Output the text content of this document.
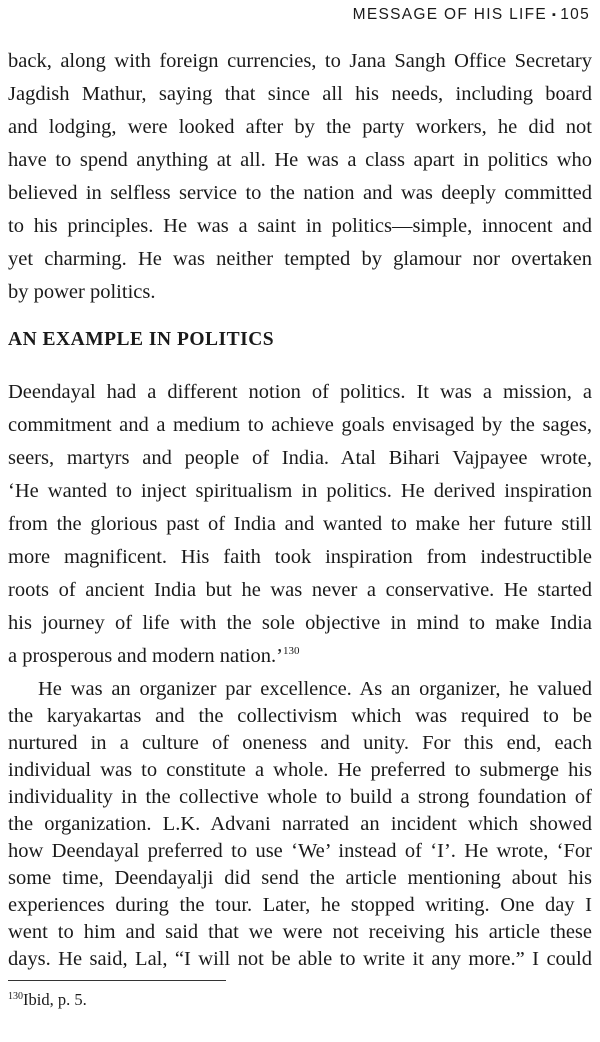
MESSAGE OF HIS LIFE ▪ 105
back, along with foreign currencies, to Jana Sangh Office Secretary
Jagdish Mathur, saying that since all his needs, including board
and lodging, were looked after by the party workers, he did not
have to spend anything at all. He was a class apart in politics who
believed in selfless service to the nation and was deeply committed
to his principles. He was a saint in politics—simple, innocent and
yet charming. He was neither tempted by glamour nor overtaken
by power politics.
AN EXAMPLE IN POLITICS
Deendayal had a different notion of politics. It was a mission, a
commitment and a medium to achieve goals envisaged by the sages,
seers, martyrs and people of India. Atal Bihari Vajpayee wrote,
‘He wanted to inject spiritualism in politics. He derived inspiration
from the glorious past of India and wanted to make her future still
more magnificent. His faith took inspiration from indestructible
roots of ancient India but he was never a conservative. He started
his journey of life with the sole objective in mind to make India
a prosperous and modern nation.’$^{130}$
He was an organizer par excellence. As an organizer, he valued
the karyakartas and the collectivism which was required to be
nurtured in a culture of oneness and unity. For this end, each
individual was to constitute a whole. He preferred to submerge his
individuality in the collective whole to build a strong foundation of
the organization. L.K. Advani narrated an incident which showed
how Deendayal preferred to use ‘We’ instead of ‘I’. He wrote, ‘For
some time, Deendayalji did send the article mentioning about his
experiences during the tour. Later, he stopped writing. One day I
$^{130}$Ibid, p. 5.
went to him and said that we were not receiving his article these
days. He said, Lal, “I will not be able to write it any more.” I could
